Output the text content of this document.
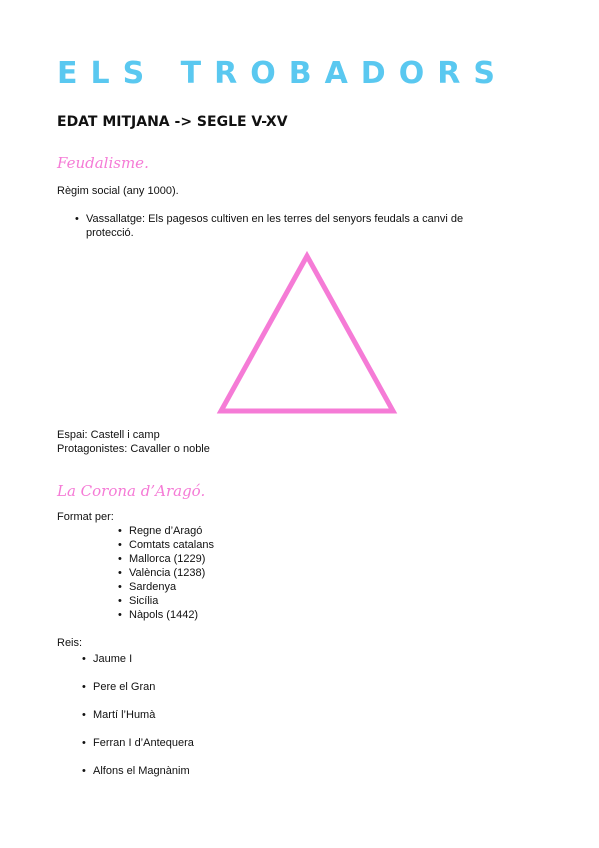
ELS TROBADORS
EDAT MITJANA -> SEGLE V-XV
Feudalisme.
Règim social (any 1000).
• Vassallatge: Els pagesos cultiven en les terres del senyors feudals a canvi de
protecció.
Espai: Castell i camp
Protagonistes: Cavaller o noble
La Corona d’Aragó.
Format per:
• Regne d’Aragó
• Comtats catalans
• Mallorca (1229)
• València (1238)
• Sardenya
• Sicília
• Nàpols (1442)
Reis:
• Jaume I
• Pere el Gran
• Martí l’Humà
• Ferran I d’Antequera
• Alfons el Magnànim
